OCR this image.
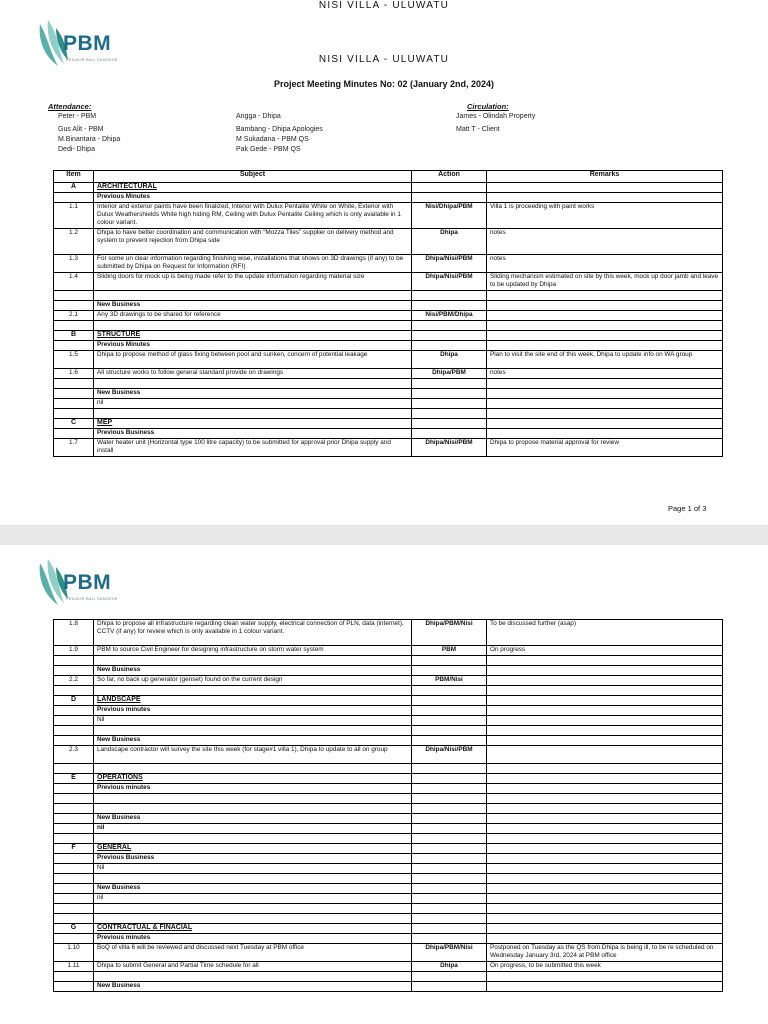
PBM
PENJIOR BALI SANGEHE	NISI VILLA - ULUWATU
Project Meeting Minutes No: 02 (January 2nd, 2024)
Attendance:
Peter - PBM
Gus Alit - PBM
M.Binantara - Dhipa
Dedi- Dhipa
Angga - Dhipa
Bambang - Dhipa Apologies
M Sukadana - PBM QS
Pak Gede - PBM QS
Circulation:
James - Olindah Property
Matt T - Client
Item	Subject	Action	Remarks
A	ARCHITECTURAL		
	Previous Minutes		
1.1	Interior and exterior paints have been finalized, Interior with Dulux Pentalite White on White, Exterior with Dulux Weathershields White high hiding RM, Ceiling with Dulux Pentalite Ceiling which is only available in 1 colour variant.	Nisi/Dhipa/PBM	Villa 1 is proceeding with paint works
1.2	Dhipa to have better coordination and communication with “Mozza Tiles” supplier on delivery method and system to prevent rejection from Dhipa side	Dhipa	notes
1.3	For some un clear information regarding finishing wise, installations that shows on 3D drawings (if any) to be submitted by Dhipa on Request for Information (RFI)	Dhipa/Nisi/PBM	notes
1.4	Sliding doors for mock up is being made refer to the update information regarding material size	Dhipa/Nisi/PBM	Sliding mechanism estimated on site by this week, mock up door jamb and leave to be updated by Dhipa

	New Business		
2.1	Any 3D drawings to be shared for reference	Nisi/PBM/Dhipa	

B	STRUCTURE		
	Previous Minutes		
1.5	Dhipa to propose method of glass fixing between pool and sunken, concern of potential leakage	Dhipa	Plan to visit the site end of this week, Dhipa to update info on WA group
1.6	All structure works to follow general standard provide on drawings	Dhipa/PBM	notes

	New Business		
	nil		

C	MEP		
	Previous Business		
1.7	Water heater unit (Horizontal type 100 litre capacity) to be submitted for approval prior Dhipa supply and install	Dhipa/Nisi/PBM	Dhipa to propose material approval for review
Page 1 of 3
PBM
PENJIOR BALI SANGEHE
NISI VILLA - ULUWATU
1.8	Dhipa to propose all infrastructure regarding clean water supply, electrical connection of PLN, data (internet), CCTV (if any) for review which is only available in 1 colour variant.	Dhipa/PBM/Nisi	To be discussed further (asap)
1.9	PBM to source Civil Engineer for designing infrastructure on storm water system	PBM	On progress

	New Business		
2.2	So far, no back up generator (genset) found on the current design	PBM/Nisi	

D	LANDSCAPE		
	Previous minutes		
	Nil		

	New Business		
2.3	Landscape contractor will survey the site this week (for stage#1 villa 1), Dhipa to update to all on group	Dhipa/Nisi/PBM	

E	OPERATIONS		
	Previous minutes		

	New Business		
	nil		

F	GENERAL		
	Previous Business		
	Nil		

	New Business		
	nil		

G	CONTRACTUAL & FINACIAL		
	Previous minutes		
1.10	BoQ of villa 6 will be reviewed and discussed next Tuesday at PBM office	Dhipa/PBM/Nisi	Postponed on Tuesday as the QS from Dhipa is being ill, to be re scheduled on Wednesday January 3rd, 2024 at PBM office
1.11	Dhipa to submit General and Partial Time schedule for all	Dhipa	On progress, to be submitted this week

	New Business		
